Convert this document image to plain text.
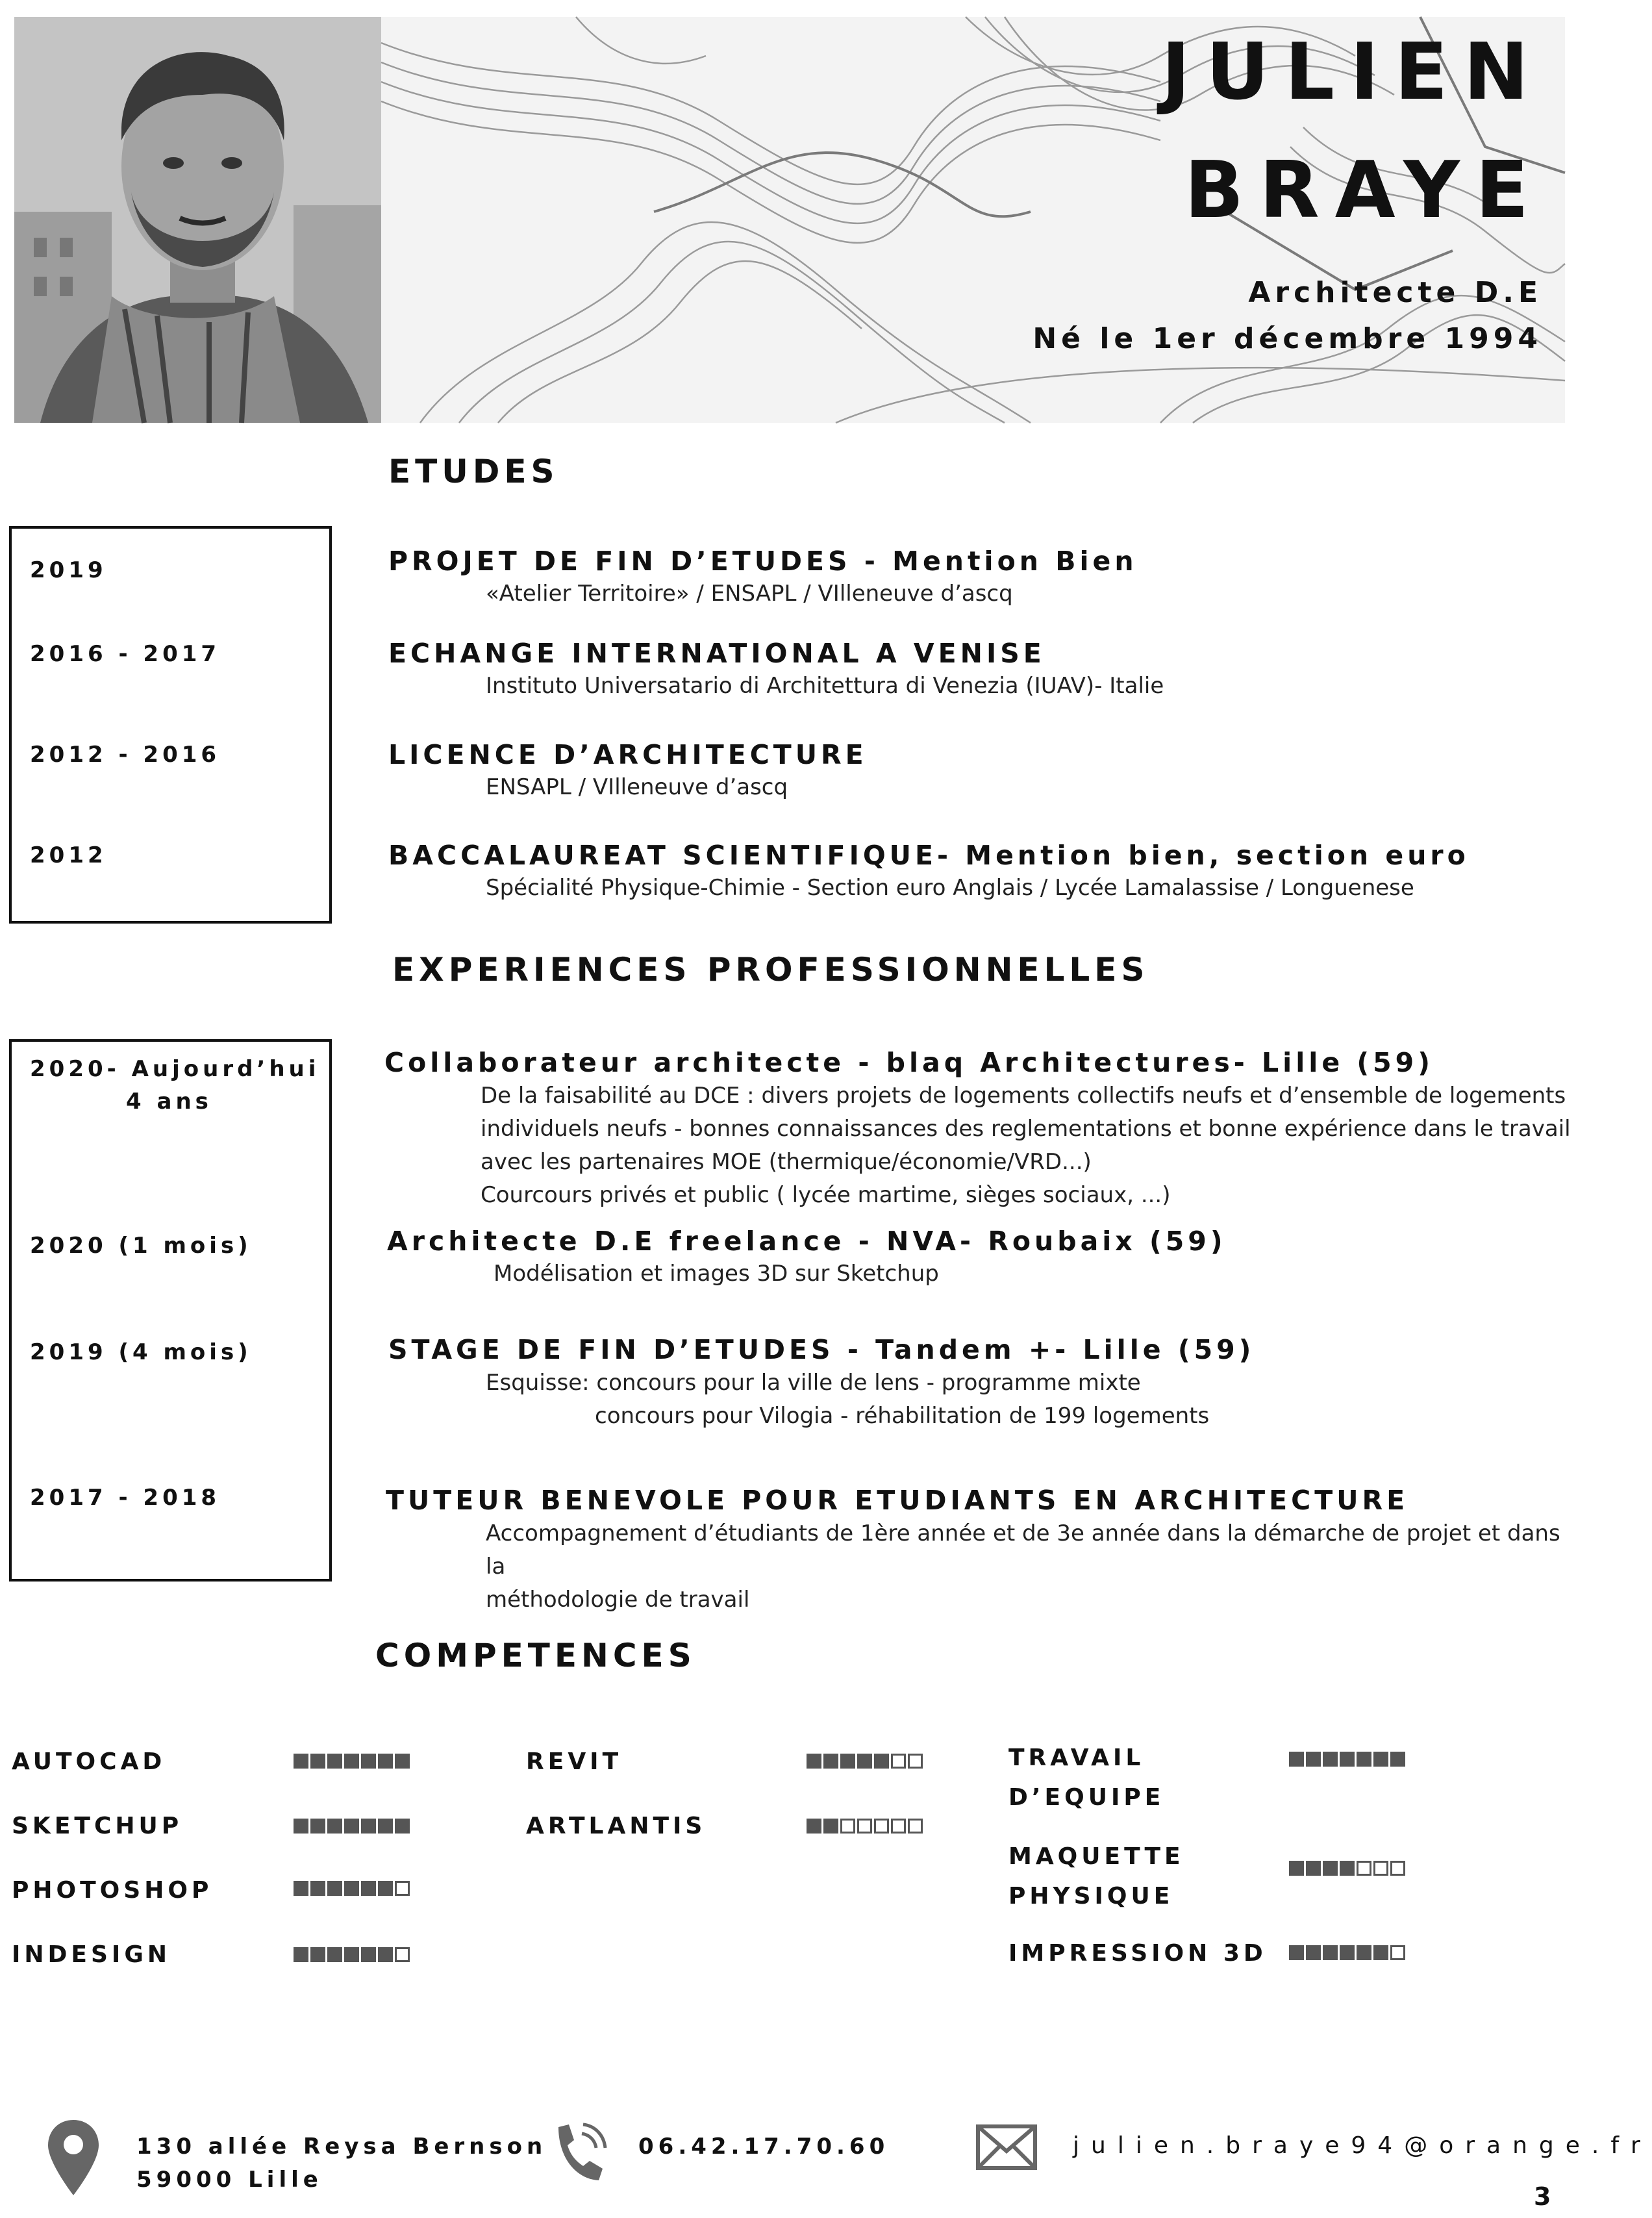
JULIEN
BRAYE
Architecte D.E
Né le 1er décembre 1994
ETUDES
2019
2016 - 2017
2012 - 2016
2012
PROJET DE FIN D’ETUDES - Mention Bien
«Atelier Territoire» / ENSAPL / VIlleneuve d’ascq
ECHANGE INTERNATIONAL A VENISE
Instituto Universatario di Architettura di Venezia (IUAV)- Italie
LICENCE D’ARCHITECTURE
ENSAPL / VIlleneuve d’ascq
BACCALAUREAT SCIENTIFIQUE- Mention bien, section euro
Spécialité Physique-Chimie - Section euro Anglais / Lycée Lamalassise / Longuenese
EXPERIENCES PROFESSIONNELLES
2020- Aujourd’hui
4 ans
2020 (1 mois)
2019 (4 mois)
2017 - 2018
Collaborateur architecte - blaq Architectures- Lille (59)
De la faisabilité au DCE : divers projets de logements collectifs neufs et d’ensemble de logements
individuels neufs - bonnes connaissances des reglementations et bonne expérience dans le travail
avec les partenaires MOE (thermique/économie/VRD...)
Courcours privés et public ( lycée martime, sièges sociaux, ...)
Architecte D.E freelance - NVA- Roubaix (59)
Modélisation et images 3D sur Sketchup
STAGE DE FIN D’ETUDES - Tandem +- Lille (59)
Esquisse: concours pour la ville de lens - programme mixte
concours pour Vilogia - réhabilitation de 199 logements
TUTEUR BENEVOLE POUR ETUDIANTS EN ARCHITECTURE
Accompagnement d’étudiants de 1ère année et de 3e année dans la démarche de projet et dans la
méthodologie de travail
COMPETENCES
AUTOCAD
SKETCHUP
PHOTOSHOP
INDESIGN
REVIT
ARTLANTIS
TRAVAIL
D’EQUIPE
MAQUETTE
PHYSIQUE
IMPRESSION 3D
130 allée Reysa Bernson
59000 Lille
06.42.17.70.60	julien.braye94@orange.fr
3
